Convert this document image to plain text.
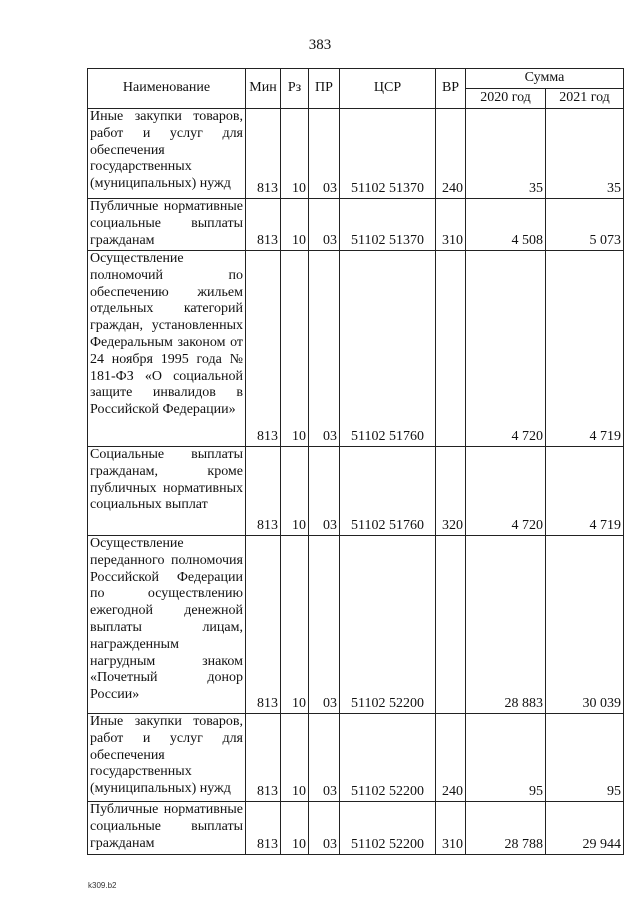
383
Наименование	Мин	Рз	ПР	ЦСР	ВР	Сумма	
						2020 год	2021 год
Иные закупки товаров, работ и услуг для обеспечения государственных (муниципальных) нужд	813	10	03	51102 51370	240	35	35
Публичные нормативные социальные выплаты гражданам	813	10	03	51102 51370	310	4 508	5 073
Осуществление полномочий по обеспечению жильем отдельных категорий граждан, установленных Федеральным законом от 24 ноября 1995 года № 181-ФЗ «О социальной защите инвалидов в Российской Федерации»	813	10	03	51102 51760		4 720	4 719
Социальные выплаты гражданам, кроме публичных нормативных социальных выплат	813	10	03	51102 51760	320	4 720	4 719
Осуществление переданного полномочия Российской Федерации по осуществлению ежегодной денежной выплаты лицам, награжденным нагрудным знаком «Почетный донор России»	813	10	03	51102 52200		28 883	30 039
Иные закупки товаров, работ и услуг для обеспечения государственных (муниципальных) нужд	813	10	03	51102 52200	240	95	95
Публичные нормативные социальные выплаты гражданам	813	10	03	51102 52200	310	28 788	29 944
k309.b2
